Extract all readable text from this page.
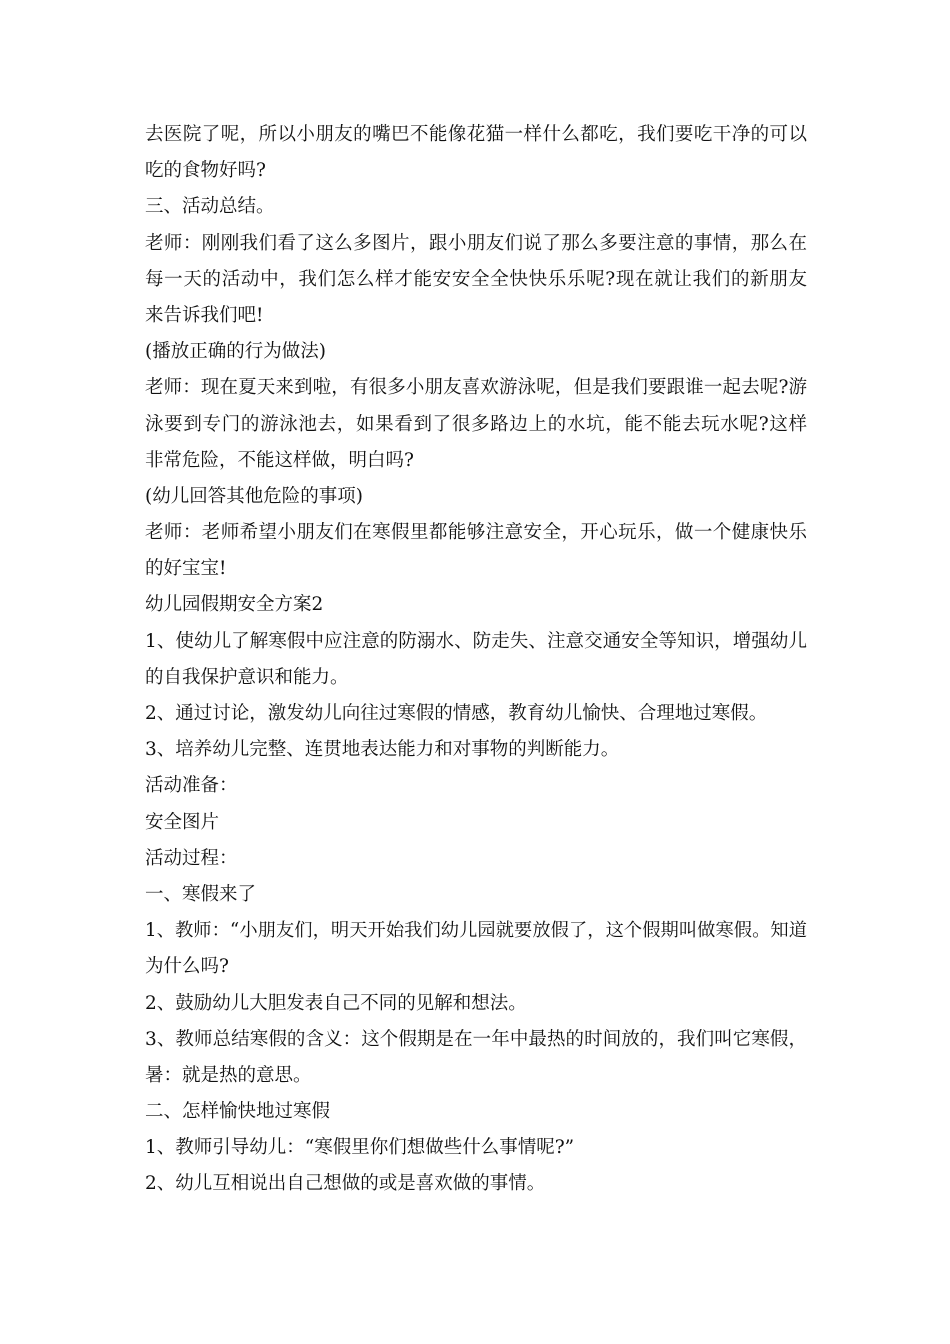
去医院了呢，所以小朋友的嘴巴不能像花猫一样什么都吃，我们要吃干净的可以
吃的食物好吗?
三、活动总结。
老师：刚刚我们看了这么多图片，跟小朋友们说了那么多要注意的事情，那么在
每一天的活动中，我们怎么样才能安安全全快快乐乐呢?现在就让我们的新朋友
来告诉我们吧!
(播放正确的行为做法)
老师：现在夏天来到啦，有很多小朋友喜欢游泳呢，但是我们要跟谁一起去呢?游
泳要到专门的游泳池去，如果看到了很多路边上的水坑，能不能去玩水呢?这样
非常危险，不能这样做，明白吗?
(幼儿回答其他危险的事项)
老师：老师希望小朋友们在寒假里都能够注意安全，开心玩乐，做一个健康快乐
的好宝宝!
幼儿园假期安全方案2
1、使幼儿了解寒假中应注意的防溺水、防走失、注意交通安全等知识，增强幼儿
的自我保护意识和能力。
2、通过讨论，激发幼儿向往过寒假的情感，教育幼儿愉快、合理地过寒假。
3、培养幼儿完整、连贯地表达能力和对事物的判断能力。
活动准备：
安全图片
活动过程：
一、寒假来了
1、教师：“小朋友们，明天开始我们幼儿园就要放假了，这个假期叫做寒假。知道
为什么吗?
2、鼓励幼儿大胆发表自己不同的见解和想法。
3、教师总结寒假的含义：这个假期是在一年中最热的时间放的，我们叫它寒假，
暑：就是热的意思。
二、怎样愉快地过寒假
1、教师引导幼儿：“寒假里你们想做些什么事情呢?”
2、幼儿互相说出自己想做的或是喜欢做的事情。
